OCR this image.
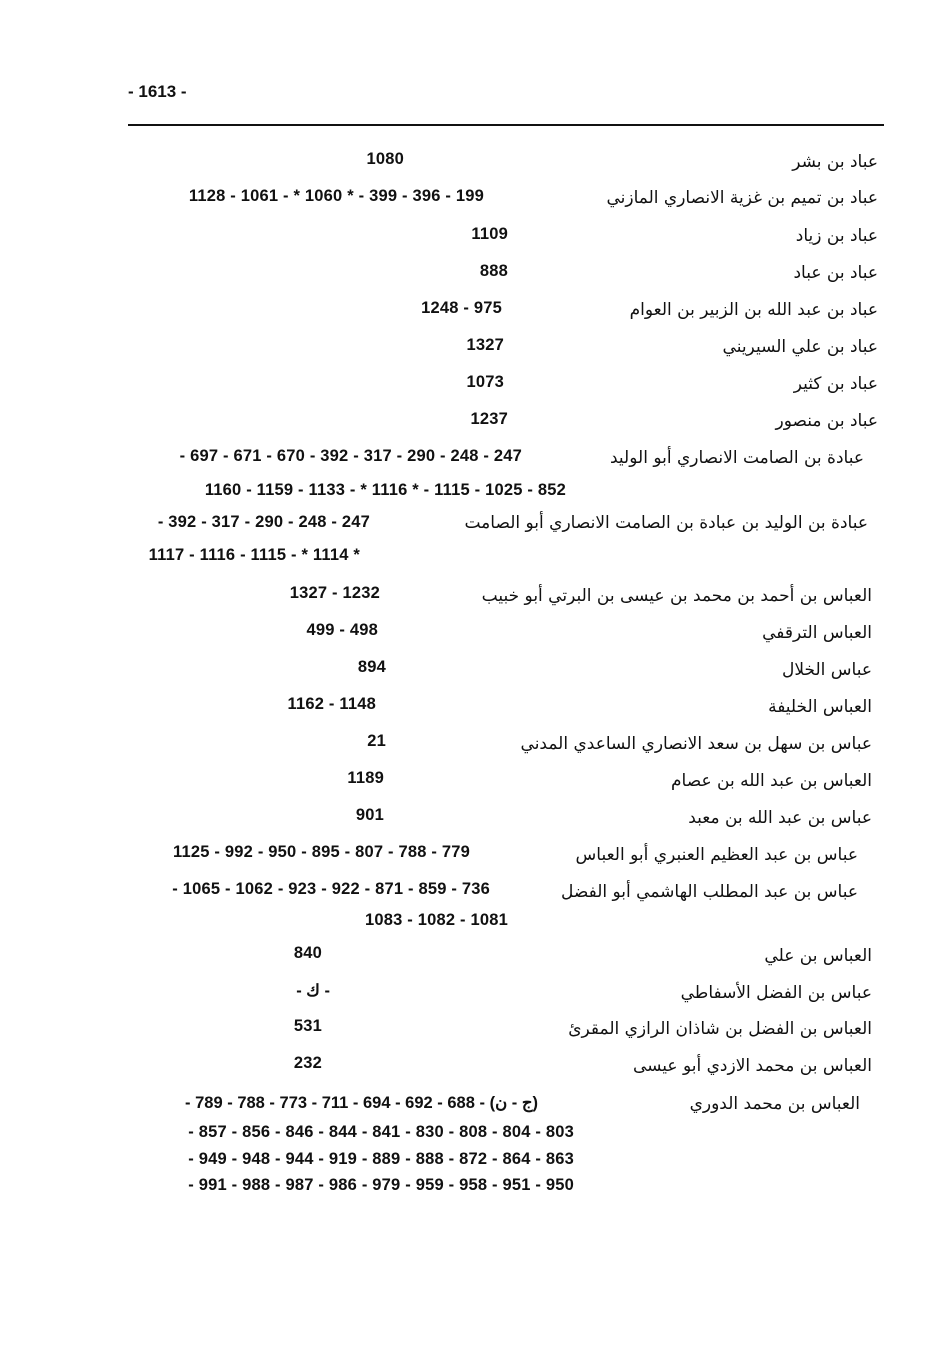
- 1613 -
عباد بن بشر
عباد بن تميم بن غزية الانصاري المازني
عباد بن زياد
عباد بن عباد
عباد بن عبد الله بن الزبير بن العوام
عباد بن علي السيريني
عباد بن كثير
عباد بن منصور
عبادة بن الصامت الانصاري أبو الوليد
عبادة بن الوليد بن عبادة بن الصامت الانصاري أبو الصامت
العباس بن أحمد بن محمد بن عيسى بن البرتي أبو خبيب
العباس الترقفي
عباس الخلال
العباس الخليفة
عباس بن سهل بن سعد الانصاري الساعدي المدني
العباس بن عبد الله بن عصام
عباس بن عبد الله بن معبد
عباس بن عبد العظيم العنبري أبو العباس
عباس بن عبد المطلب الهاشمي أبو الفضل
العباس بن علي
عباس بن الفضل الأسفاطي
العباس بن الفضل بن شاذان الرازي المقرئ
العباس بن محمد الازدي أبو عيسى
العباس بن محمد الدوري
1080
1128 - 1061 - * 1060 * - 399 - 396 - 199
1109
888
1248 - 975
1327
1073
1237
- 697 - 671 - 670 - 392 - 317 - 290 - 248 - 247
1160 - 1159 - 1133 - * 1116 * - 1115 - 1025 - 852
- 392 - 317 - 290 - 248 - 247
1117 - 1116 - 1115 - * 1114 *
1327 - 1232
499 - 498
894
1162 - 1148
21
1189
901
1125 - 992 - 950 - 895 - 807 - 788 - 779
- 1065 - 1062 - 923 - 922 - 871 - 859 - 736
1083 - 1082 - 1081
840
- ك -
531
232
- 789 - 788 - 773 - 711 - 694 - 692 - 688 - (ج - ن)
- 857 - 856 - 846 - 844 - 841 - 830 - 808 - 804 - 803
- 949 - 948 - 944 - 919 - 889 - 888 - 872 - 864 - 863
- 991 - 988 - 987 - 986 - 979 - 959 - 958 - 951 - 950
